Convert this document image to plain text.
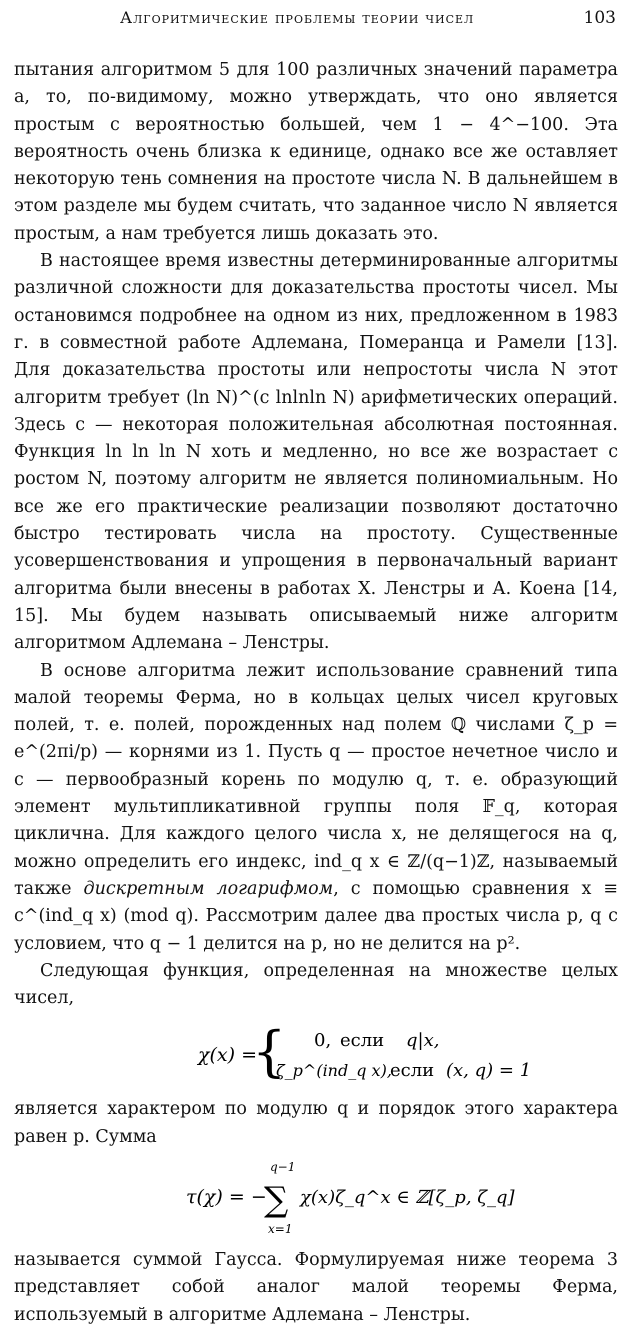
Алгоритмические проблемы теории чисел	103

пытания алгоритмом 5 для 100 различных значений параметра a, то, по-видимому, можно утверждать, что оно является простым с вероятностью большей, чем 1 − 4^−100. Эта вероятность очень близка к единице, однако все же оставляет некоторую тень сомнения на простоте числа N. В дальнейшем в этом разделе мы будем считать, что заданное число N является простым, а нам требуется лишь доказать это.

В настоящее время известны детерминированные алгоритмы различной сложности для доказательства простоты чисел. Мы остановимся подробнее на одном из них, предложенном в 1983 г. в совместной работе Адлемана, Померанца и Рамели [13]. Для доказательства простоты или непростоты числа N этот алгоритм требует (ln N)^(c lnlnln N) арифметических операций. Здесь c — некоторая положительная абсолютная постоянная. Функция ln ln ln N хоть и медленно, но все же возрастает с ростом N, поэтому алгоритм не является полиномиальным. Но все же его практические реализации позволяют достаточно быстро тестировать числа на простоту. Существенные усовершенствования и упрощения в первоначальный вариант алгоритма были внесены в работах Х. Ленстры и А. Коена [14, 15]. Мы будем называть описываемый ниже алгоритм алгоритмом Адлемана – Ленстры.

В основе алгоритма лежит использование сравнений типа малой теоремы Ферма, но в кольцах целых чисел круговых полей, т. е. полей, порожденных над полем ℚ числами ζ_p = e^(2πi/p) — корнями из 1. Пусть q — простое нечетное число и c — первообразный корень по модулю q, т. е. образующий элемент мультипликативной группы поля 𝔽_q, которая циклична. Для каждого целого числа x, не делящегося на q, можно определить его индекс, ind_q x ∈ ℤ/(q−1)ℤ, называемый также дискретным логарифмом, с помощью сравнения x ≡ c^(ind_q x) (mod q). Рассмотрим далее два простых числа p, q с условием, что q − 1 делится на p, но не делится на p².

Следующая функция, определенная на множестве целых чисел,

χ(x) =
{ 0, если q|x,
ζ_p^(ind_q x),
если (x, q) = 1

является характером по модулю q и порядок этого характера равен p. Сумма

τ(χ) = −
q−1
∑
x=1
χ(x)ζ_q^x ∈ ℤ[ζ_p, ζ_q]

называется суммой Гаусса. Формулируемая ниже теорема 3 представляет собой аналог малой теоремы Ферма, используемый в алгоритме Адлемана – Ленстры.
